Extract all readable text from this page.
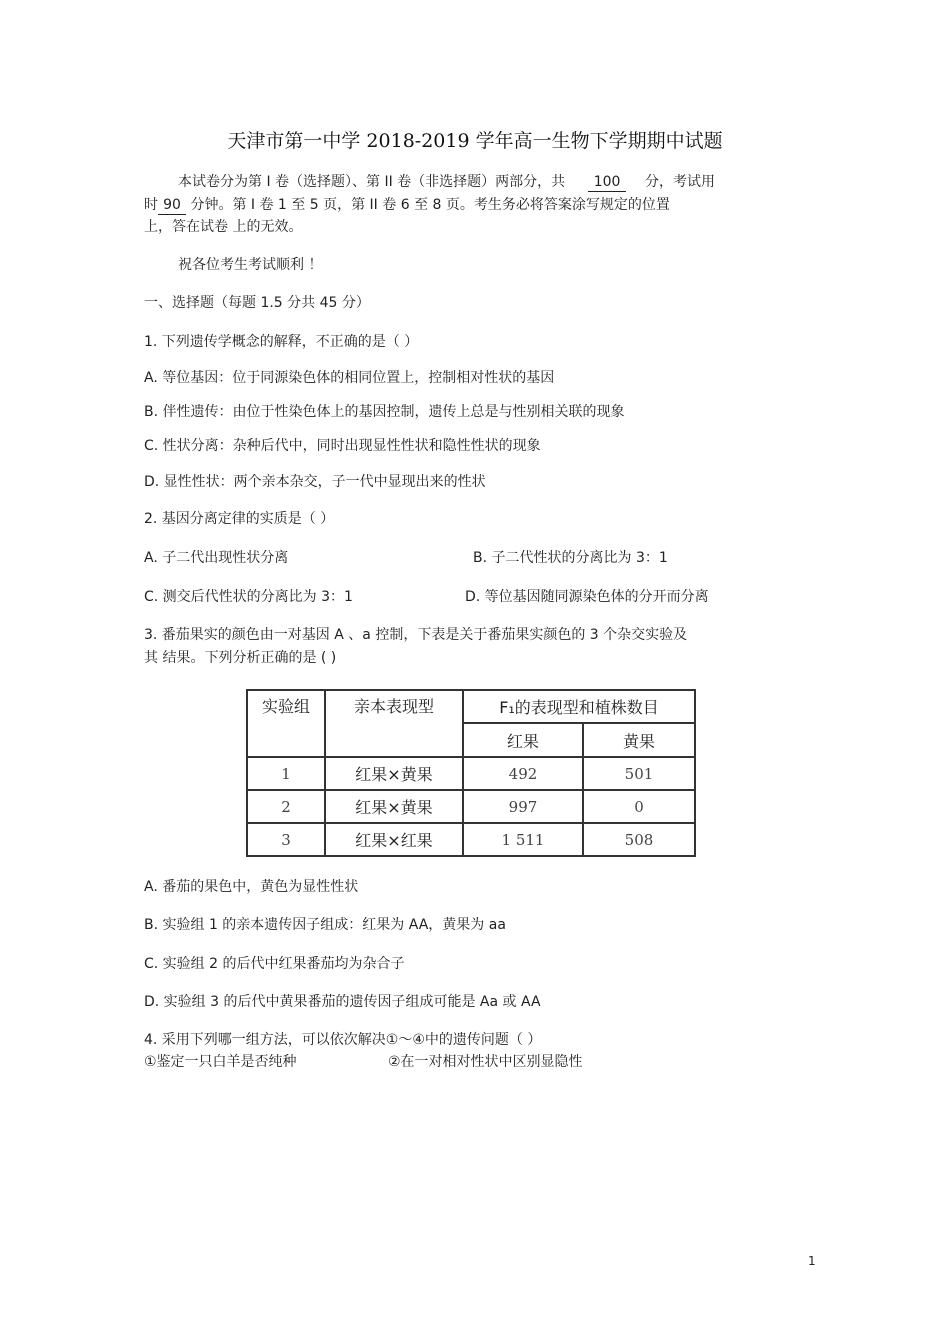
天津市第一中学 2018-2019 学年高一生物下学期期中试题
本试卷分为第 I 卷（选择题）、第 II 卷（非选择题）两部分，共 100 分，考试用
时 90 分钟。第 I 卷 1 至 5 页，第 II 卷 6 至 8 页。考生务必将答案涂写规定的位置
上，答在试卷 上的无效。
祝各位考生考试顺利 ！
一、选择题（每题 1.5 分共 45 分）
1. 下列遗传学概念的解释，不正确的是（ ）
A. 等位基因：位于同源染色体的相同位置上，控制相对性状的基因
B. 伴性遗传：由位于性染色体上的基因控制，遗传上总是与性别相关联的现象
C. 性状分离：杂种后代中，同时出现显性性状和隐性性状的现象
D. 显性性状：两个亲本杂交，子一代中显现出来的性状
2. 基因分离定律的实质是（ ）
A. 子二代出现性状分离	B. 子二代性状的分离比为 3：1
C. 测交后代性状的分离比为 3：1	D. 等位基因随同源染色体的分开而分离
3. 番茄果实的颜色由一对基因 A 、a 控制，下表是关于番茄果实颜色的 3 个杂交实验及
其 结果。下列分析正确的是 ( )
实验组	亲本表现型	F₁的表现型和植株数目	
		红果	黄果
1	红果×黄果	492	501
2	红果×黄果	997	0
3	红果×红果	1 511	508
A. 番茄的果色中，黄色为显性性状
B. 实验组 1 的亲本遗传因子组成：红果为 AA，黄果为 aa
C. 实验组 2 的后代中红果番茄均为杂合子
D. 实验组 3 的后代中黄果番茄的遗传因子组成可能是 Aa 或 AA
4. 采用下列哪一组方法，可以依次解决①～④中的遗传问题（ ）
①鉴定一只白羊是否纯种	②在一对相对性状中区别显隐性
1
